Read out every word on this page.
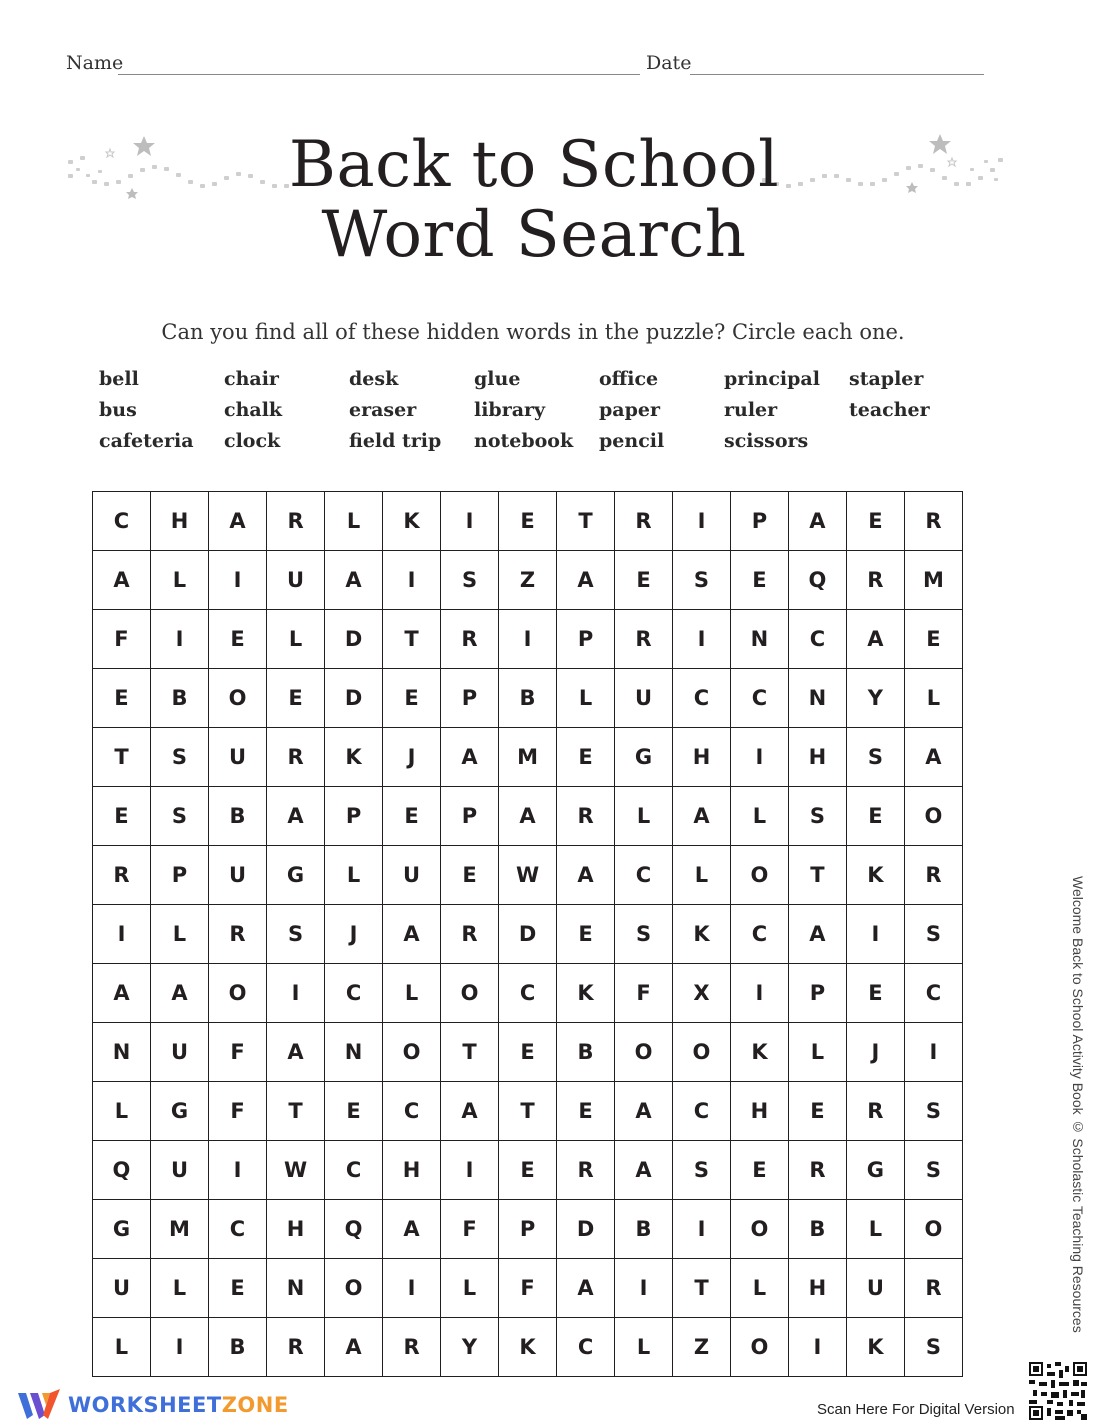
Name	Date
Back to School
Word Search
Can you find all of these hidden words in the puzzle? Circle each one.
bell
bus
cafeteria
chair
chalk
clock
desk
eraser
field trip
glue
library
notebook
office
paper
pencil
principal
ruler
scissors
stapler
teacher
C	H	A	R	L	K	I	E	T	R	I	P	A	E	R
A	L	I	U	A	I	S	Z	A	E	S	E	Q	R	M
F	I	E	L	D	T	R	I	P	R	I	N	C	A	E
E	B	O	E	D	E	P	B	L	U	C	C	N	Y	L
T	S	U	R	K	J	A	M	E	G	H	I	H	S	A
E	S	B	A	P	E	P	A	R	L	A	L	S	E	O
R	P	U	G	L	U	E	W	A	C	L	O	T	K	R
I	L	R	S	J	A	R	D	E	S	K	C	A	I	S
A	A	O	I	C	L	O	C	K	F	X	I	P	E	C
N	U	F	A	N	O	T	E	B	O	O	K	L	J	I
L	G	F	T	E	C	A	T	E	A	C	H	E	R	S
Q	U	I	W	C	H	I	E	R	A	S	E	R	G	S
G	M	C	H	Q	A	F	P	D	B	I	O	B	L	O
U	L	E	N	O	I	L	F	A	I	T	L	H	U	R
L	I	B	R	A	R	Y	K	C	L	Z	O	I	K	S
Welcome Back to School Activity Book © Scholastic Teaching Resources
WORKSHEETZONE	Scan Here For Digital Version
